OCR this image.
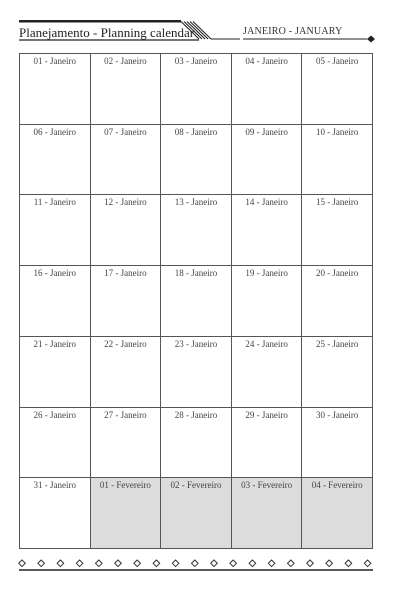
Planejamento - Planning calendar	JANEIRO - JANUARY
01 - Janeiro	02 - Janeiro	03 - Janeiro	04 - Janeiro	05 - Janeiro
06 - Janeiro	07 - Janeiro	08 - Janeiro	09 - Janeiro	10 - Janeiro
11 - Janeiro	12 - Janeiro	13 - Janeiro	14 - Janeiro	15 - Janeiro
16 - Janeiro	17 - Janeiro	18 - Janeiro	19 - Janeiro	20 - Janeiro
21 - Janeiro	22 - Janeiro	23 - Janeiro	24 - Janeiro	25 - Janeiro
26 - Janeiro	27 - Janeiro	28 - Janeiro	29 - Janeiro	30 - Janeiro
31 - Janeiro	01 - Fevereiro	02 - Fevereiro	03 - Fevereiro	04 - Fevereiro
